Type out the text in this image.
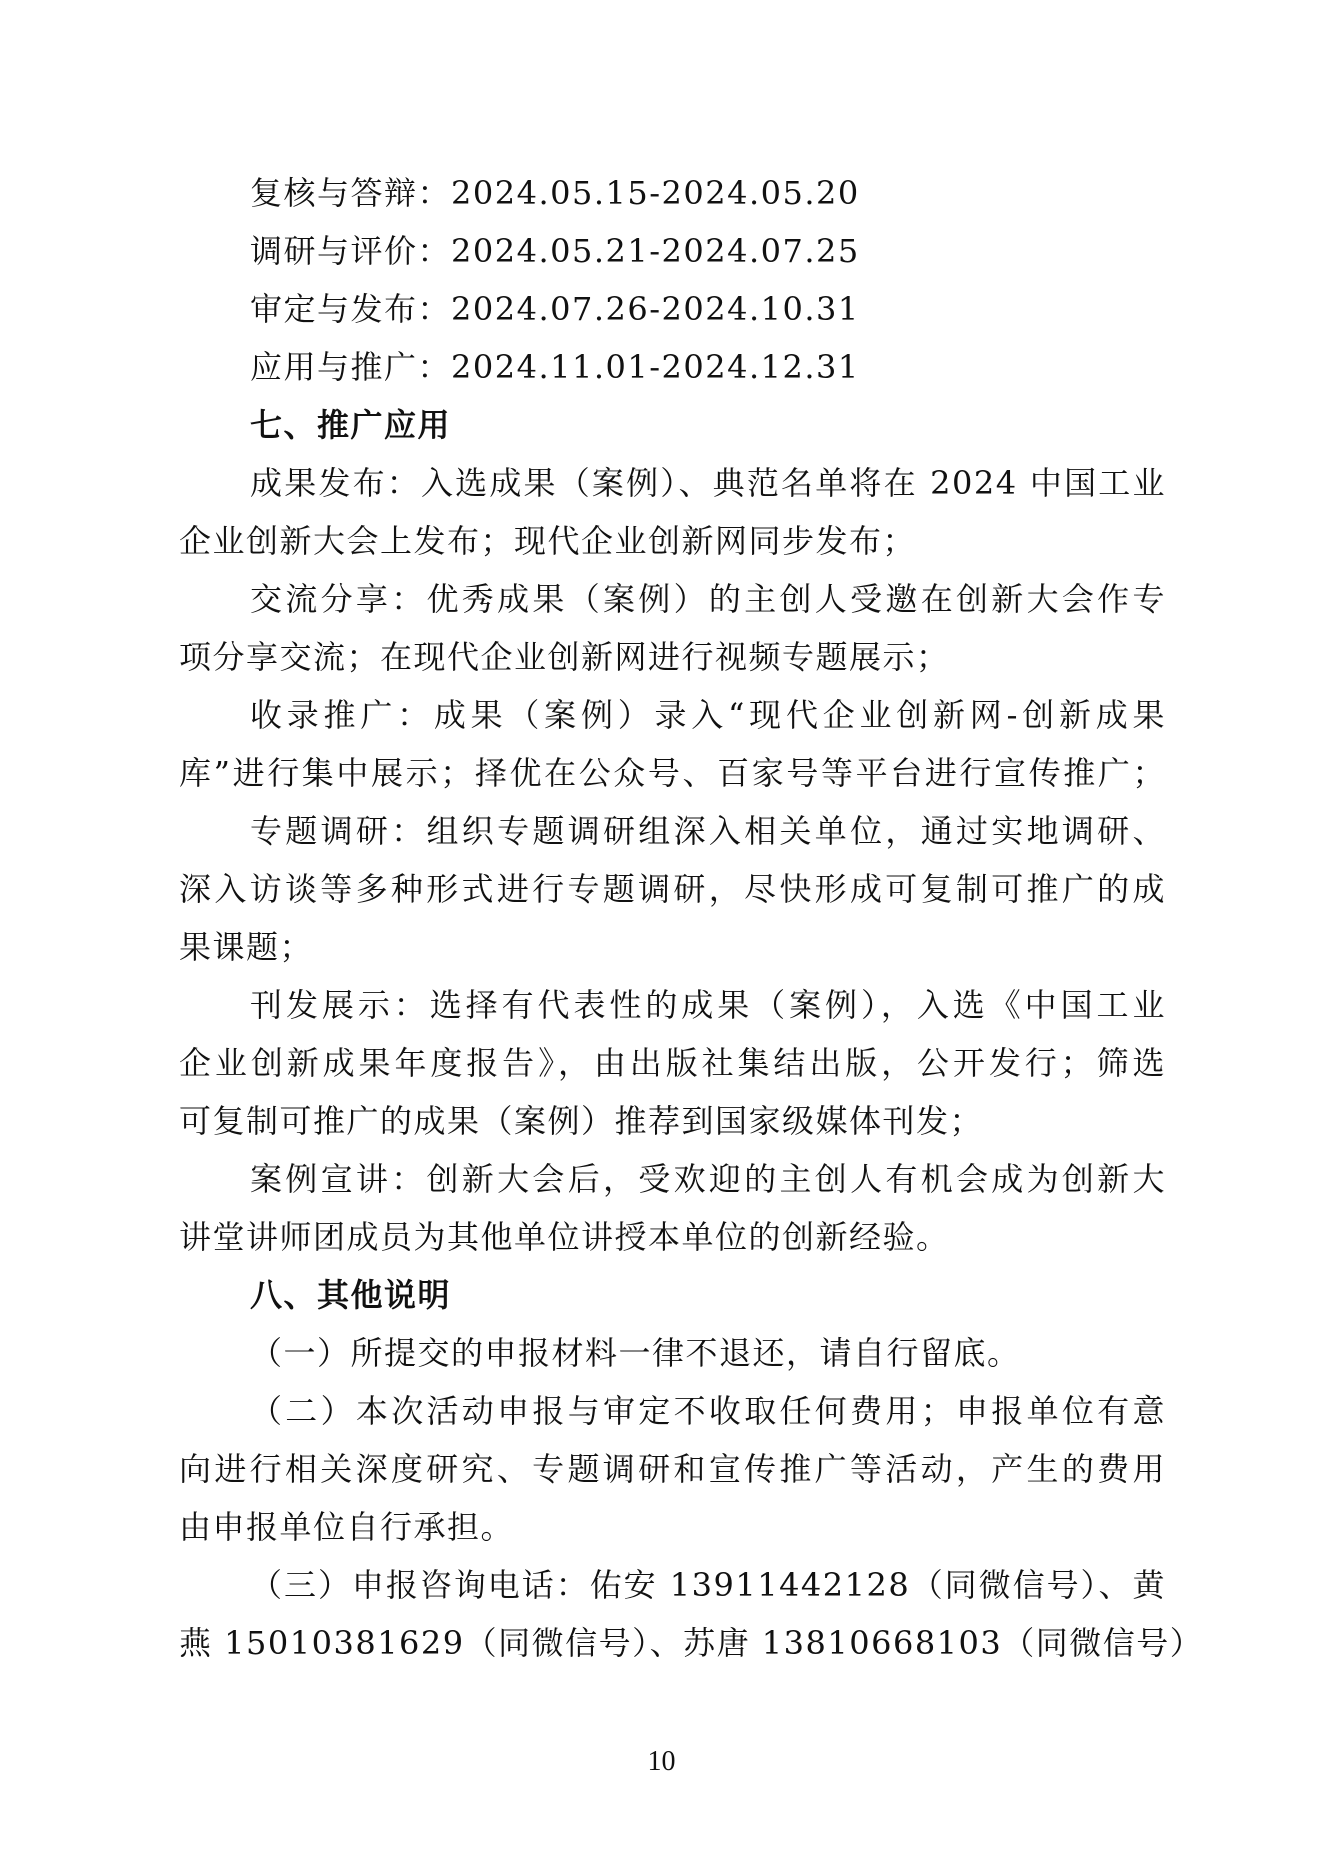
复核与答辩：2024.05.15-2024.05.20
调研与评价：2024.05.21-2024.07.25
审定与发布：2024.07.26-2024.10.31
应用与推广：2024.11.01-2024.12.31
七、推广应用
成果发布：入选成果（案例）、典范名单将在 2024 中国工业
企业创新大会上发布；现代企业创新网同步发布；
交流分享：优秀成果（案例）的主创人受邀在创新大会作专
项分享交流；在现代企业创新网进行视频专题展示；
收录推广：成果（案例）录入“现代企业创新网-创新成果
库”进行集中展示；择优在公众号、百家号等平台进行宣传推广；
专题调研：组织专题调研组深入相关单位，通过实地调研、
深入访谈等多种形式进行专题调研，尽快形成可复制可推广的成
果课题；
刊发展示：选择有代表性的成果（案例），入选《中国工业
企业创新成果年度报告》，由出版社集结出版，公开发行；筛选
可复制可推广的成果（案例）推荐到国家级媒体刊发；
案例宣讲：创新大会后，受欢迎的主创人有机会成为创新大
讲堂讲师团成员为其他单位讲授本单位的创新经验。
八、其他说明
（一）所提交的申报材料一律不退还，请自行留底。
（二）本次活动申报与审定不收取任何费用；申报单位有意
向进行相关深度研究、专题调研和宣传推广等活动，产生的费用
由申报单位自行承担。
（三）申报咨询电话：佑安 13911442128（同微信号）、黄
燕 15010381629（同微信号）、苏唐 13810668103（同微信号）
10
